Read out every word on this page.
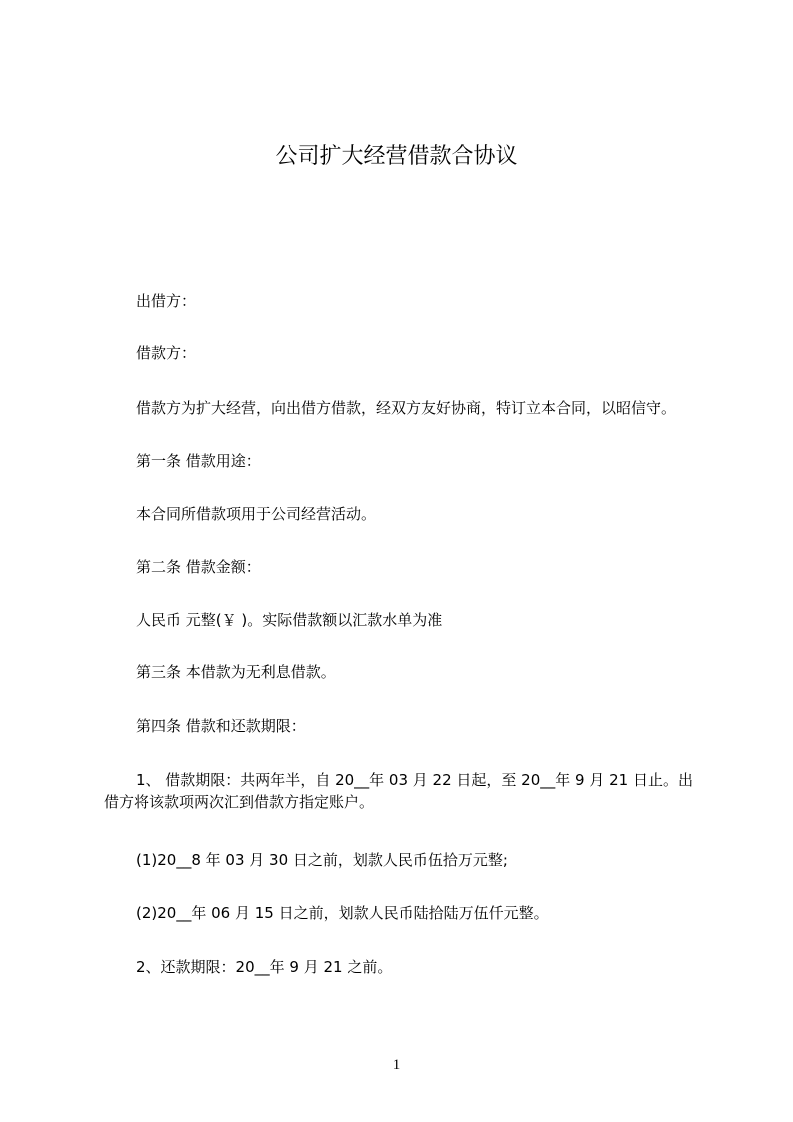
公司扩大经营借款合协议
出借方：
借款方：
借款方为扩大经营，向出借方借款，经双方友好协商，特订立本合同，以昭信守。
第一条 借款用途：
本合同所借款项用于公司经营活动。
第二条 借款金额：
人民币 元整(￥ )。实际借款额以汇款水单为准
第三条 本借款为无利息借款。
第四条 借款和还款期限：
1、 借款期限：共两年半，自 20__年 03 月 22 日起，至 20__年 9 月 21 日止。出
借方将该款项两次汇到借款方指定账户。
(1)20__8 年 03 月 30 日之前，划款人民币伍拾万元整;
(2)20__年 06 月 15 日之前，划款人民币陆拾陆万伍仟元整。
2、还款期限：20__年 9 月 21 之前。
1
